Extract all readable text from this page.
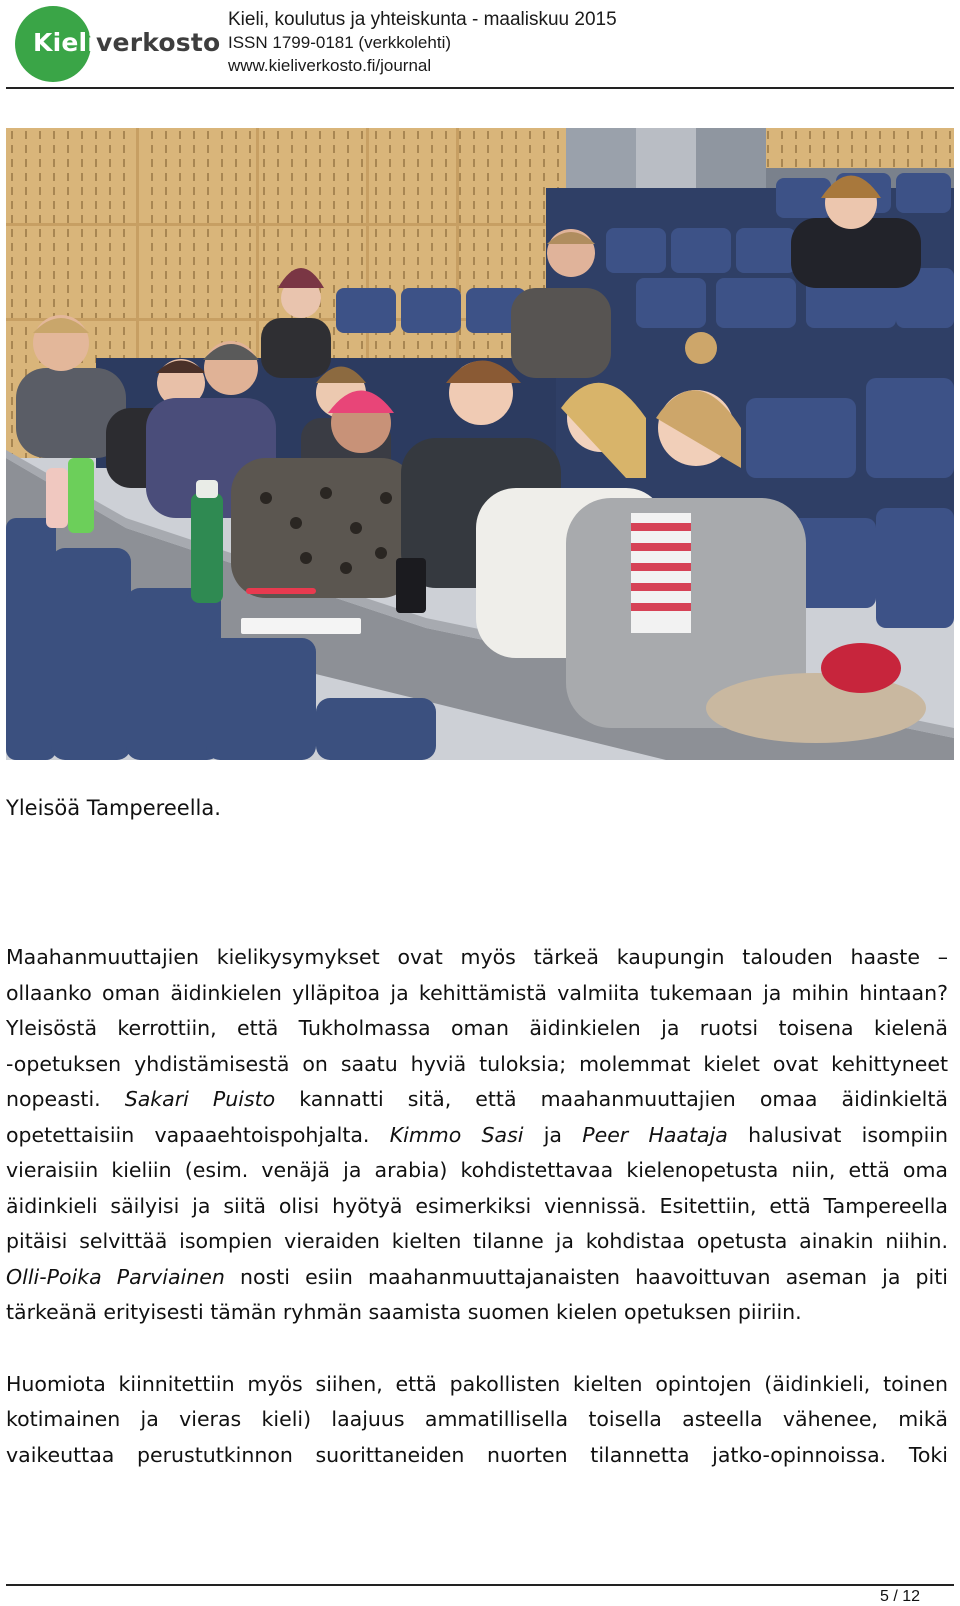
Kieliverkosto
Kieli, koulutus ja yhteiskunta - maaliskuu 2015
ISSN 1799-0181 (verkkolehti)
www.kieliverkosto.fi/journal
Yleisöä Tampereella.
Maahanmuuttajien kielikysymykset ovat myös tärkeä kaupungin talouden haaste –
ollaanko oman äidinkielen ylläpitoa ja kehittämistä valmiita tukemaan ja mihin hintaan?
Yleisöstä kerrottiin, että Tukholmassa oman äidinkielen ja ruotsi toisena kielenä
-opetuksen yhdistämisestä on saatu hyviä tuloksia; molemmat kielet ovat kehittyneet
nopeasti. Sakari Puisto kannatti sitä, että maahanmuuttajien omaa äidinkieltä
opetettaisiin vapaaehtoispohjalta. Kimmo Sasi ja Peer Haataja halusivat isompiin
vieraisiin kieliin (esim. venäjä ja arabia) kohdistettavaa kielenopetusta niin, että oma
äidinkieli säilyisi ja siitä olisi hyötyä esimerkiksi viennissä. Esitettiin, että Tampereella
pitäisi selvittää isompien vieraiden kielten tilanne ja kohdistaa opetusta ainakin niihin.
Olli-Poika Parviainen nosti esiin maahanmuuttajanaisten haavoittuvan aseman ja piti
tärkeänä erityisesti tämän ryhmän saamista suomen kielen opetuksen piiriin.
Huomiota kiinnitettiin myös siihen, että pakollisten kielten opintojen (äidinkieli, toinen
kotimainen ja vieras kieli) laajuus ammatillisella toisella asteella vähenee, mikä
vaikeuttaa perustutkinnon suorittaneiden nuorten tilannetta jatko-opinnoissa. Toki
5 / 12
